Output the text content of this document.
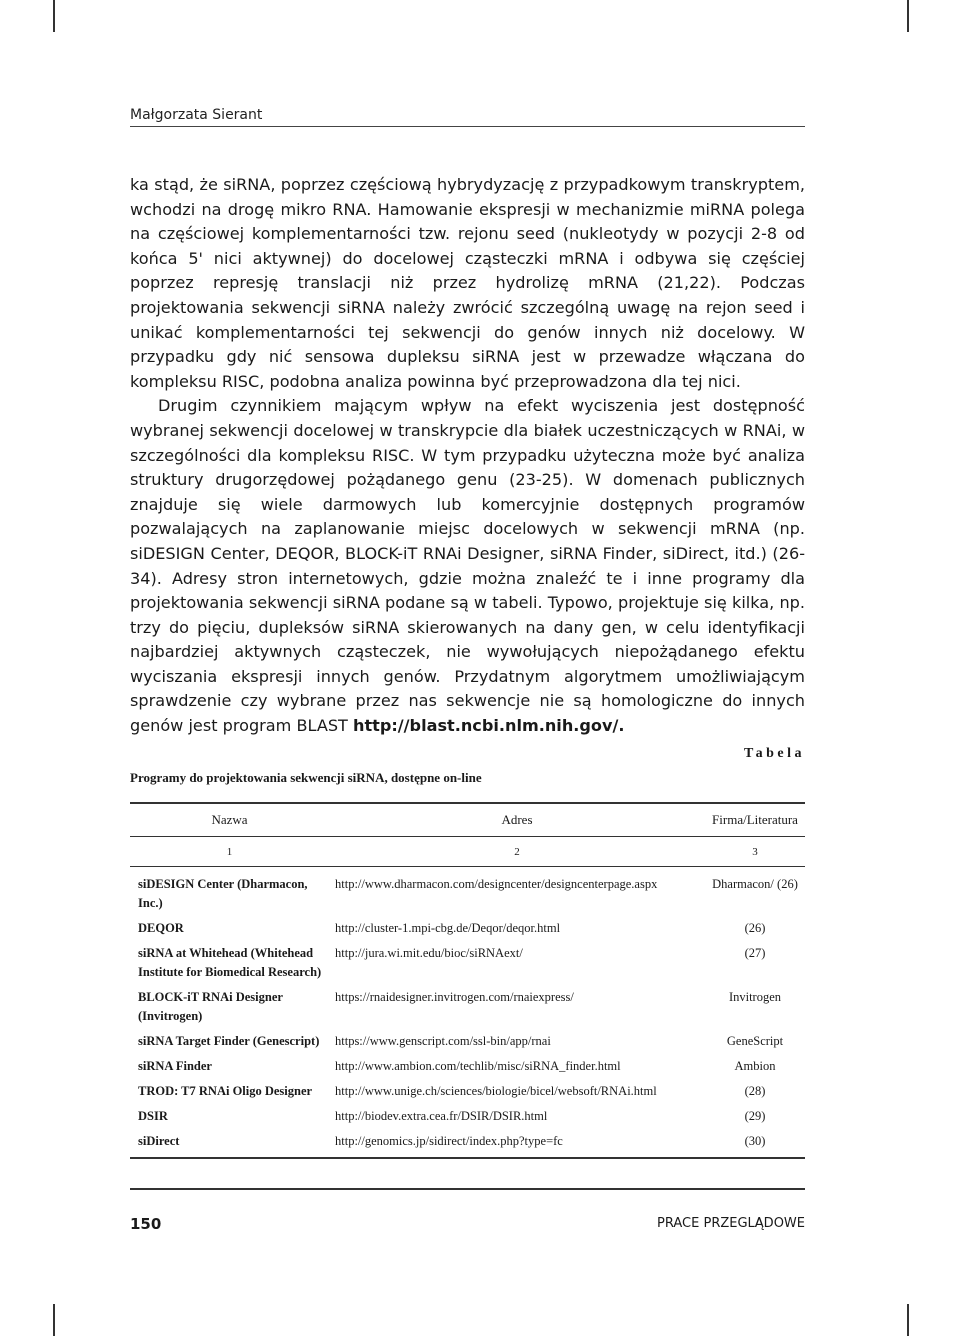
Małgorzata Sierant

ka stąd, że siRNA, poprzez częściową hybrydyzację z przypadkowym transkryptem, wchodzi na drogę mikro RNA. Hamowanie ekspresji w mechanizmie miRNA polega na częściowej komplementarności tzw. rejonu seed (nukleotydy w pozycji 2-8 od końca 5' nici aktywnej) do docelowej cząsteczki mRNA i odbywa się częściej poprzez represję translacji niż przez hydrolizę mRNA (21,22). Podczas projektowania sekwencji siRNA należy zwrócić szczególną uwagę na rejon seed i unikać komplementarności tej sekwencji do genów innych niż docelowy. W przypadku gdy nić sensowa dupleksu siRNA jest w przewadze włączana do kompleksu RISC, podobna analiza powinna być przeprowadzona dla tej nici.

Drugim czynnikiem mającym wpływ na efekt wyciszenia jest dostępność wybranej sekwencji docelowej w transkrypcie dla białek uczestniczących w RNAi, w szczególności dla kompleksu RISC. W tym przypadku użyteczna może być analiza struktury drugorzędowej pożądanego genu (23-25). W domenach publicznych znajduje się wiele darmowych lub komercyjnie dostępnych programów pozwalających na zaplanowanie miejsc docelowych w sekwencji mRNA (np. siDESIGN Center, DEQOR, BLOCK-iT RNAi Designer, siRNA Finder, siDirect, itd.) (26-34). Adresy stron internetowych, gdzie można znaleźć te i inne programy dla projektowania sekwencji siRNA podane są w tabeli. Typowo, projektuje się kilka, np. trzy do pięciu, dupleksów siRNA skierowanych na dany gen, w celu identyfikacji najbardziej aktywnych cząsteczek, nie wywołujących niepożądanego efektu wyciszania ekspresji innych genów. Przydatnym algorytmem umożliwiającym sprawdzenie czy wybrane przez nas sekwencje nie są homologiczne do innych genów jest program BLAST http://blast.ncbi.nlm.nih.gov/.

Tabela
Programy do projektowania sekwencji siRNA, dostępne on-line
Nazwa	Adres	Firma/Literatura
1	2	3
siDESIGN Center (Dharmacon, Inc.)	http://www.dharmacon.com/designcenter/designcenterpage.aspx	Dharmacon/ (26)
DEQOR	http://cluster-1.mpi-cbg.de/Deqor/deqor.html	(26)
siRNA at Whitehead (Whitehead Institute for Biomedical Research)	http://jura.wi.mit.edu/bioc/siRNAext/	(27)
BLOCK-iT RNAi Designer (Invitrogen)	https://rnaidesigner.invitrogen.com/rnaiexpress/	Invitrogen
siRNA Target Finder (Genescript)	https://www.genscript.com/ssl-bin/app/rnai	GeneScript
siRNA Finder	http://www.ambion.com/techlib/misc/siRNA_finder.html	Ambion
TROD: T7 RNAi Oligo Designer	http://www.unige.ch/sciences/biologie/bicel/websoft/RNAi.html	(28)
DSIR	http://biodev.extra.cea.fr/DSIR/DSIR.html	(29)
siDirect	http://genomics.jp/sidirect/index.php?type=fc	(30)
150	PRACE PRZEGLĄDOWE
